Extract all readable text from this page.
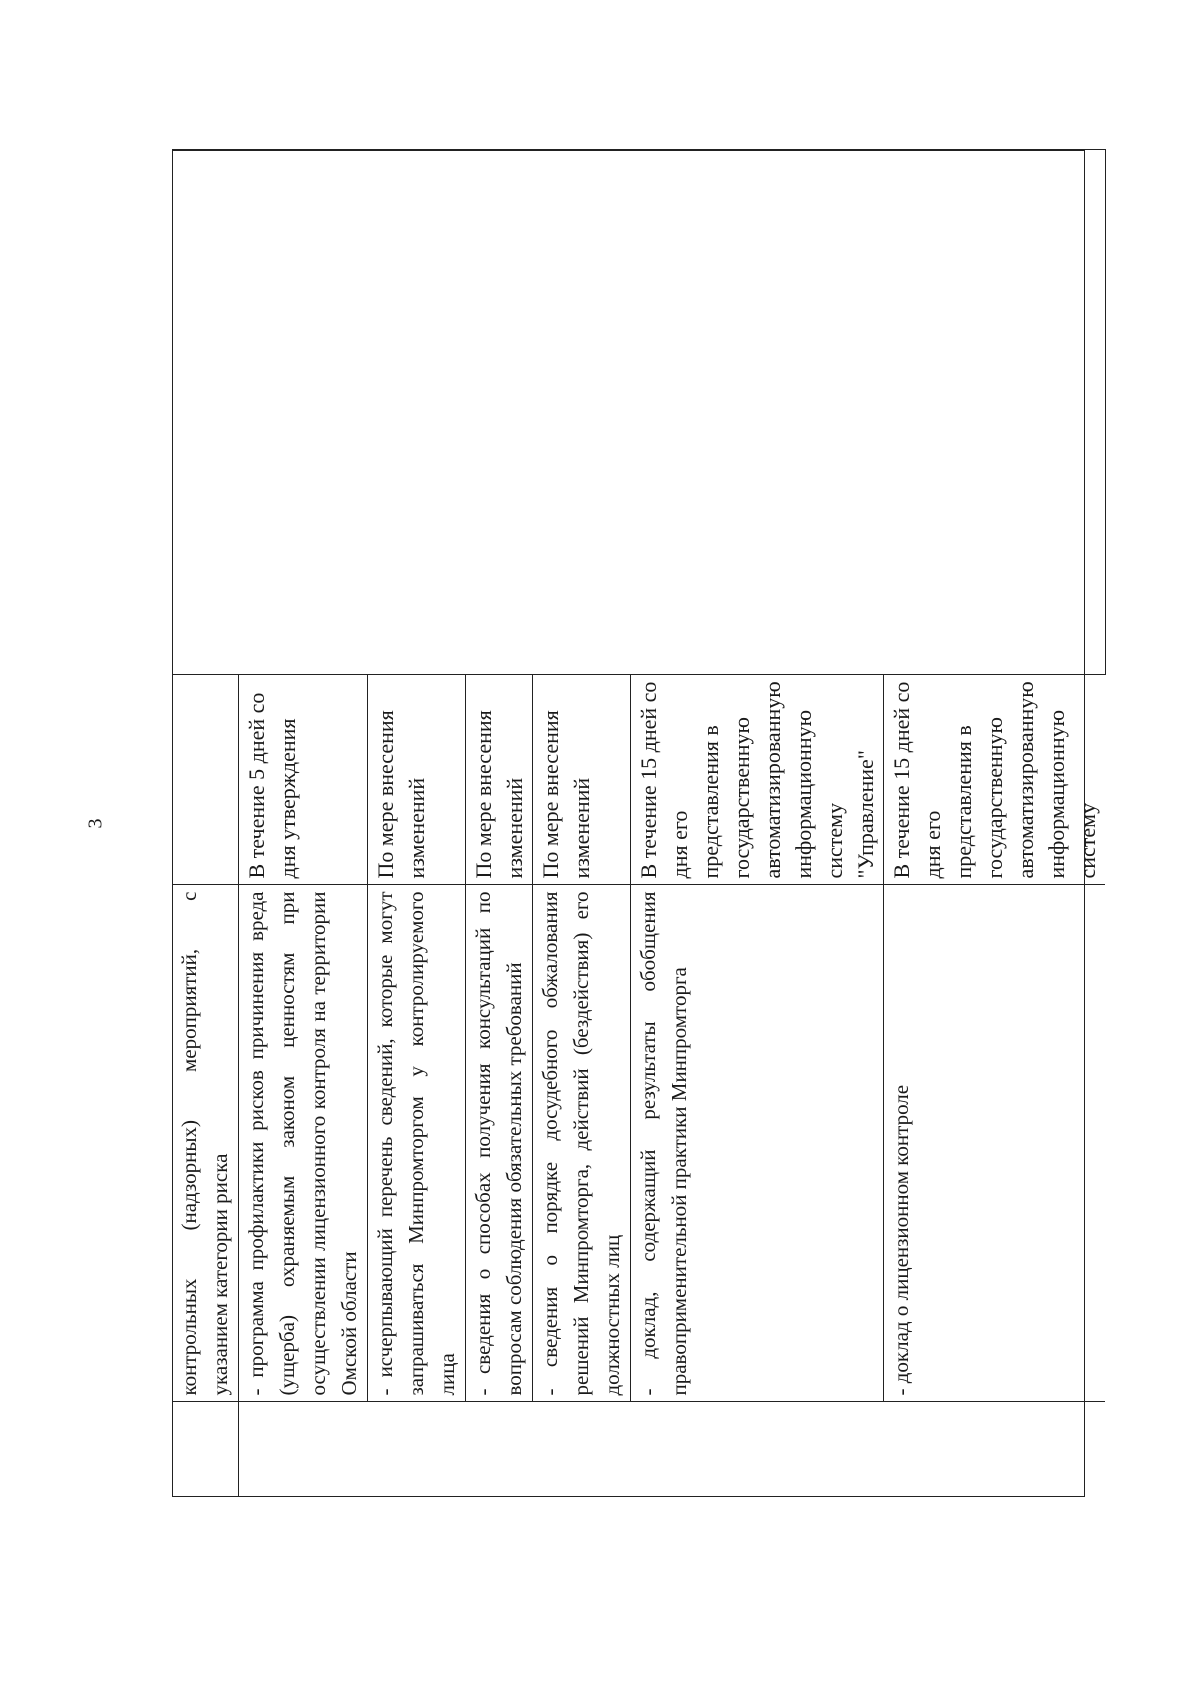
3

	контрольных (надзорных) мероприятий, с указанием категории риска		
	- программа профилактики рисков причинения вреда (ущерба) охраняемым законом ценностям при осуществлении лицензионного контроля на территории Омской области	В течение 5 дней со дня утверждения	
	- исчерпывающий перечень сведений, которые могут запрашиваться Минпромторгом у контролируемого лица	По мере внесения изменений	
	- сведения о способах получения консультаций по вопросам соблюдения обязательных требований	По мере внесения изменений	
	- сведения о порядке досудебного обжалования решений Минпромторга, действий (бездействия) его должностных лиц	По мере внесения изменений	
	- доклад, содержащий результаты обобщения правоприменительной практики Минпромторга	В течение 15 дней со дня его представления в государственную автоматизированную информационную систему "Управление"	
	- доклад о лицензионном контроле	В течение 15 дней со дня его представления в государственную автоматизированную информационную систему	
